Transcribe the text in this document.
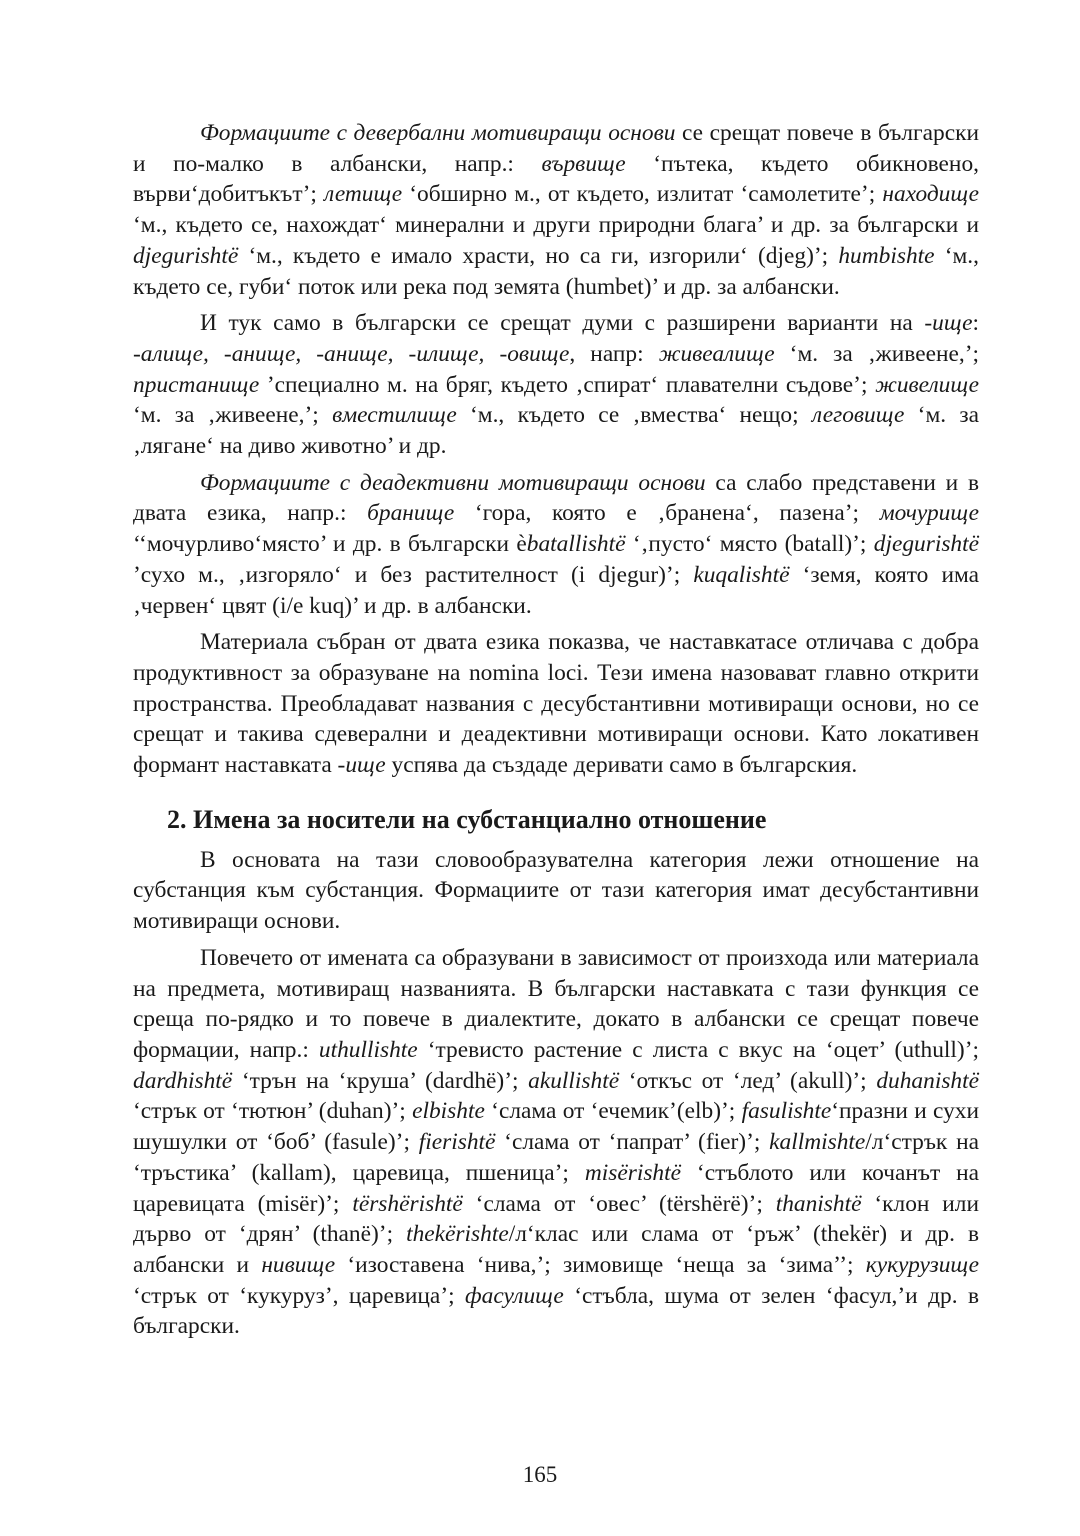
Формациите с девербални мотивиращи основи се срещат повече в български и по-малко в албански, напр.: вървище ‘пътека, където обикновено, върви‘добитъкът’; летище ‘обширно м., от където, излитат ‘самолетите’; находище ‘м., където се, нахождат‘ минерални и други природни блага’ и др. за български и djegurishtë ‘м., където е имало храсти, но са ги, изгорили‘ (djeg)’; humbishte ‘м., където се, губи‘ поток или река под земята (humbet)’ и др. за албански.

И тук само в български се срещат думи с разширени варианти на -ище: -алище, -анище, -анище, -илище, -овище, напр: живеалище ‘м. за ‚живеене,’; пристанище ’специално м. на бряг, където ‚спират‘ плавателни съдове’; живелище ‘м. за ‚живеене,’; вместилище ‘м., където се ‚вмества‘ нещо; леговище ‘м. за ‚лягане‘ на диво животно’ и др.

Формациите с деадективни мотивиращи основи са слабо представени и в двата езика, напр.: бранище ‘гора, която е ‚бранена‘, пазена’; мочурище ‘‘мочурливо‘място’ и др. в български èbatallishtë ‘‚пусто‘ място (batall)’; djegurishtë ’сухо м., ‚изгоряло‘ и без растителност (i djegur)’; kuqalishtë ‘земя, която има ‚червен‘ цвят (i/e kuq)’ и др. в албански.

Материала събран от двата езика показва, че наставкатасе отличава с добра продуктивност за образуване на nomina loci. Тези имена назовават главно открити пространства. Преобладават названия с десубстантивни мотивиращи основи, но се срещат и такива сдеверални и деадективни мотивиращи основи. Като локативен формант наставката -ище успява да създаде деривати само в българския.

2. Имена за носители на субстанциално отношение

В основата на тази словообразувателна категория лежи отношение на субстанция към субстанция. Формациите от тази категория имат десубстантивни мотивиращи основи.

Повечето от имената са образувани в зависимост от произхода или материала на предмета, мотивиращ названията. В български наставката с тази функция се среща по-рядко и то повече в диалектите, докато в албански се срещат повече формации, напр.: uthullishte ‘тревисто растение с листа с вкус на ‘оцет’ (uthull)’; dardhishtë ‘трън на ‘круша’ (dardhë)’; akullishtë ‘откъс от ‘лед’ (akull)’; duhanishtë ‘стрък от ‘тютюн’ (duhan)’; elbishte ‘слама от ‘ечемик’(elb)’; fasulishte‘празни и сухи шушулки от ‘боб’ (fasule)’; fierishtë ‘слама от ‘папрат’ (fier)’; kallmishte/л‘стрък на ‘тръстика’ (kallam), царевица, пшеница’; misërishtë ‘стъблото или кочанът на царевицата (misër)’; tërshërishtë ‘слама от ‘овес’ (tërshërë)’; thanishtë ‘клон или дърво от ‘дрян’ (thanë)’; thekërishte/л‘клас или слама от ‘ръж’ (thekër) и др. в албански и нивище ‘изоставена ‘нива,’; зимовище ‘неща за ‘зима’’; кукурузище ‘стрък от ‘кукуруз’, царевица’; фасулище ‘стъбла, шума от зелен ‘фасул,’и др. в български.

165
